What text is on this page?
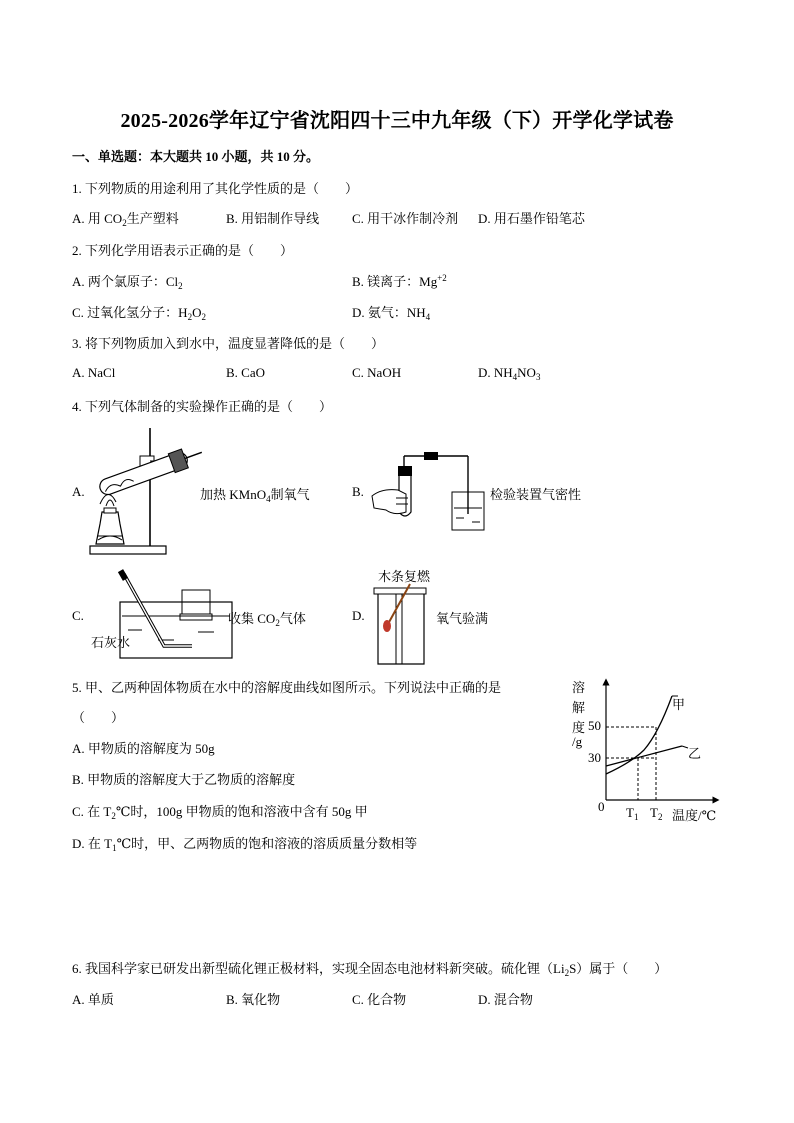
2025-2026学年辽宁省沈阳四十三中九年级（下）开学化学试卷
一、单选题：本大题共 10 小题，共 10 分。
1. 下列物质的用途利用了其化学性质的是（　　）
A. 用 $CO_2$生产塑料	B. 用铝制作导线	C. 用干冰作制冷剂 D. 用石墨作铅笔芯
2. 下列化学用语表示正确的是（　　）
A. 两个氯原子：$Cl_2$	B. 镁离子：$Mg^{+2}$
C. 过氧化氢分子：$H_2O_2$	D. 氨气：$NH_4$
3. 将下列物质加入到水中，温度显著降低的是（　　）
A. NaCl	B. CaO	C. NaOH	D. $NH_4NO_3$
4. 下列气体制备的实验操作正确的是（　　）
A.	加热 KMnO$_4$制氧气	B.	检验装置气密性
C.
石灰水
收集 $CO_2$气体	D.
木条复燃
氧气验满
5. 甲、乙两种固体物质在水中的溶解度曲线如图所示。下列说法中正确的是
（　　）
A. 甲物质的溶解度为 50g
B. 甲物质的溶解度大于乙物质的溶解度
C. 在 $T_2℃$时，100g 甲物质的饱和溶液中含有 50g 甲
D. 在 $T_1℃$时，甲、乙两物质的饱和溶液的溶质质量分数相等
溶
解
度
/g
50
30
0 $T_1$ $T_2$ 温度/℃
甲
乙
6. 我国科学家已研发出新型硫化锂正极材料，实现全固态电池材料新突破。硫化锂$(Li_2S)$属于（　　）
A. 单质	B. 氧化物	C. 化合物	D. 混合物
